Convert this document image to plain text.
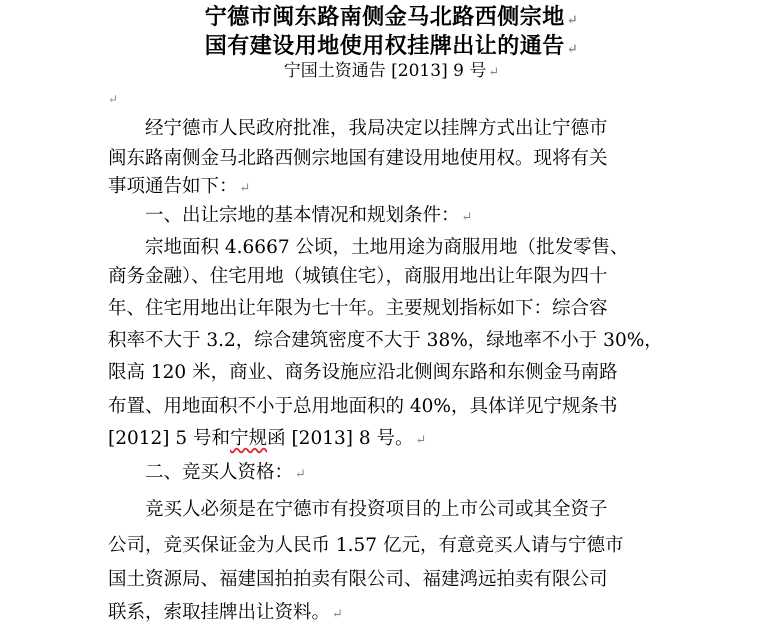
宁德市闽东路南侧金马北路西侧宗地 ↵
国有建设用地使用权挂牌出让的通告 ↵
宁国土资通告 [2013] 9 号 ↵
↵
　　经宁德市人民政府批准，我局决定以挂牌方式出让宁德市
闽东路南侧金马北路西侧宗地国有建设用地使用权。现将有关
事项通告如下： ↵
　　一、出让宗地的基本情况和规划条件： ↵
　　宗地面积 4.6667 公顷，土地用途为商服用地（批发零售、
商务金融）、住宅用地（城镇住宅），商服用地出让年限为四十
年、住宅用地出让年限为七十年。主要规划指标如下：综合容
积率不大于 3.2，综合建筑密度不大于 38%，绿地率不小于 30%，
限高 120 米，商业、商务设施应沿北侧闽东路和东侧金马南路
布置、用地面积不小于总用地面积的 40%，具体详见宁规条书
[2012] 5 号和宁规函 [2013] 8 号。 ↵
　　二、竞买人资格： ↵
　　竞买人必须是在宁德市有投资项目的上市公司或其全资子
公司，竞买保证金为人民币 1.57 亿元，有意竞买人请与宁德市
国土资源局、福建国拍拍卖有限公司、福建鸿远拍卖有限公司
联系，索取挂牌出让资料。 ↵
